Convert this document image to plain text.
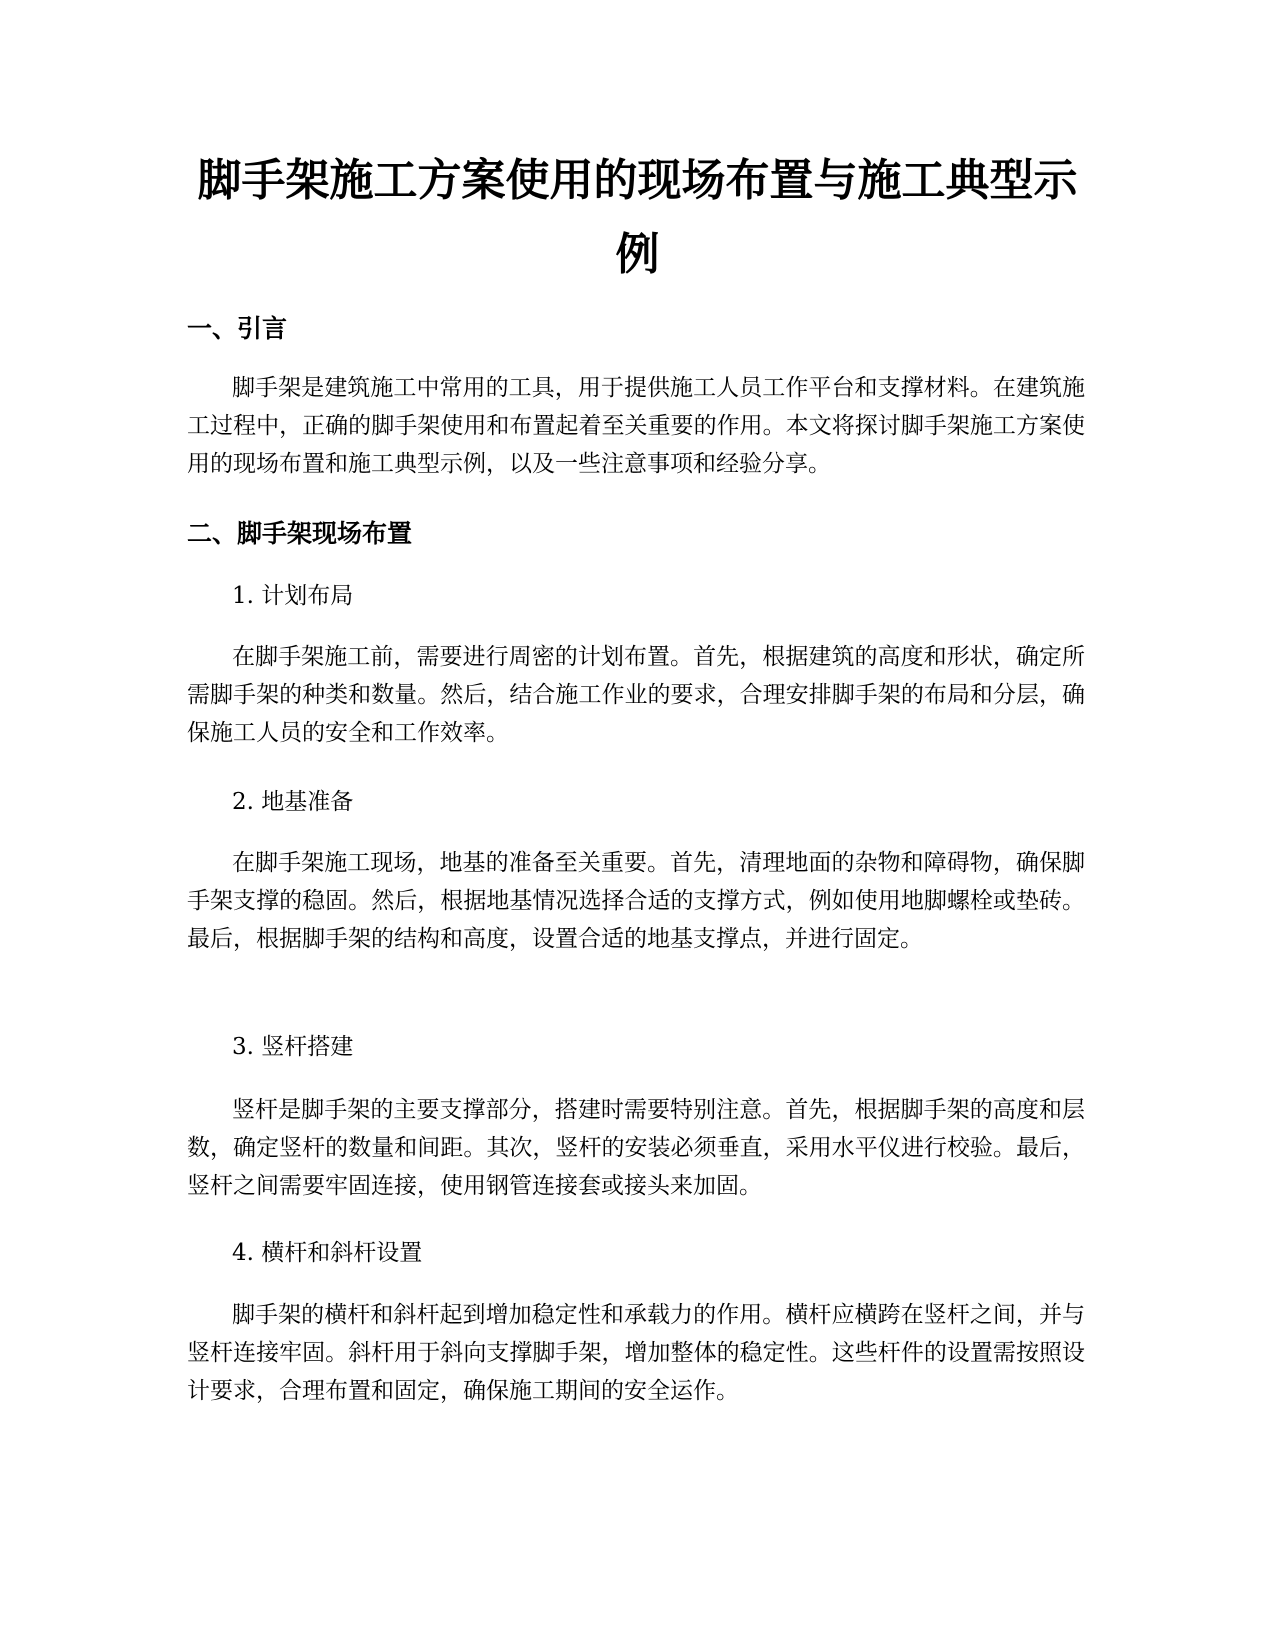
脚手架施工方案使用的现场布置与施工典型示例
一、引言

脚手架是建筑施工中常用的工具，用于提供施工人员工作平台和支撑材料。在建筑施工过程中，正确的脚手架使用和布置起着至关重要的作用。本文将探讨脚手架施工方案使用的现场布置和施工典型示例，以及一些注意事项和经验分享。

二、脚手架现场布置

1. 计划布局

在脚手架施工前，需要进行周密的计划布置。首先，根据建筑的高度和形状，确定所需脚手架的种类和数量。然后，结合施工作业的要求，合理安排脚手架的布局和分层，确保施工人员的安全和工作效率。

2. 地基准备

在脚手架施工现场，地基的准备至关重要。首先，清理地面的杂物和障碍物，确保脚手架支撑的稳固。然后，根据地基情况选择合适的支撑方式，例如使用地脚螺栓或垫砖。最后，根据脚手架的结构和高度，设置合适的地基支撑点，并进行固定。

3. 竖杆搭建

竖杆是脚手架的主要支撑部分，搭建时需要特别注意。首先，根据脚手架的高度和层数，确定竖杆的数量和间距。其次，竖杆的安装必须垂直，采用水平仪进行校验。最后，竖杆之间需要牢固连接，使用钢管连接套或接头来加固。

4. 横杆和斜杆设置

脚手架的横杆和斜杆起到增加稳定性和承载力的作用。横杆应横跨在竖杆之间，并与竖杆连接牢固。斜杆用于斜向支撑脚手架，增加整体的稳定性。这些杆件的设置需按照设计要求，合理布置和固定，确保施工期间的安全运作。
